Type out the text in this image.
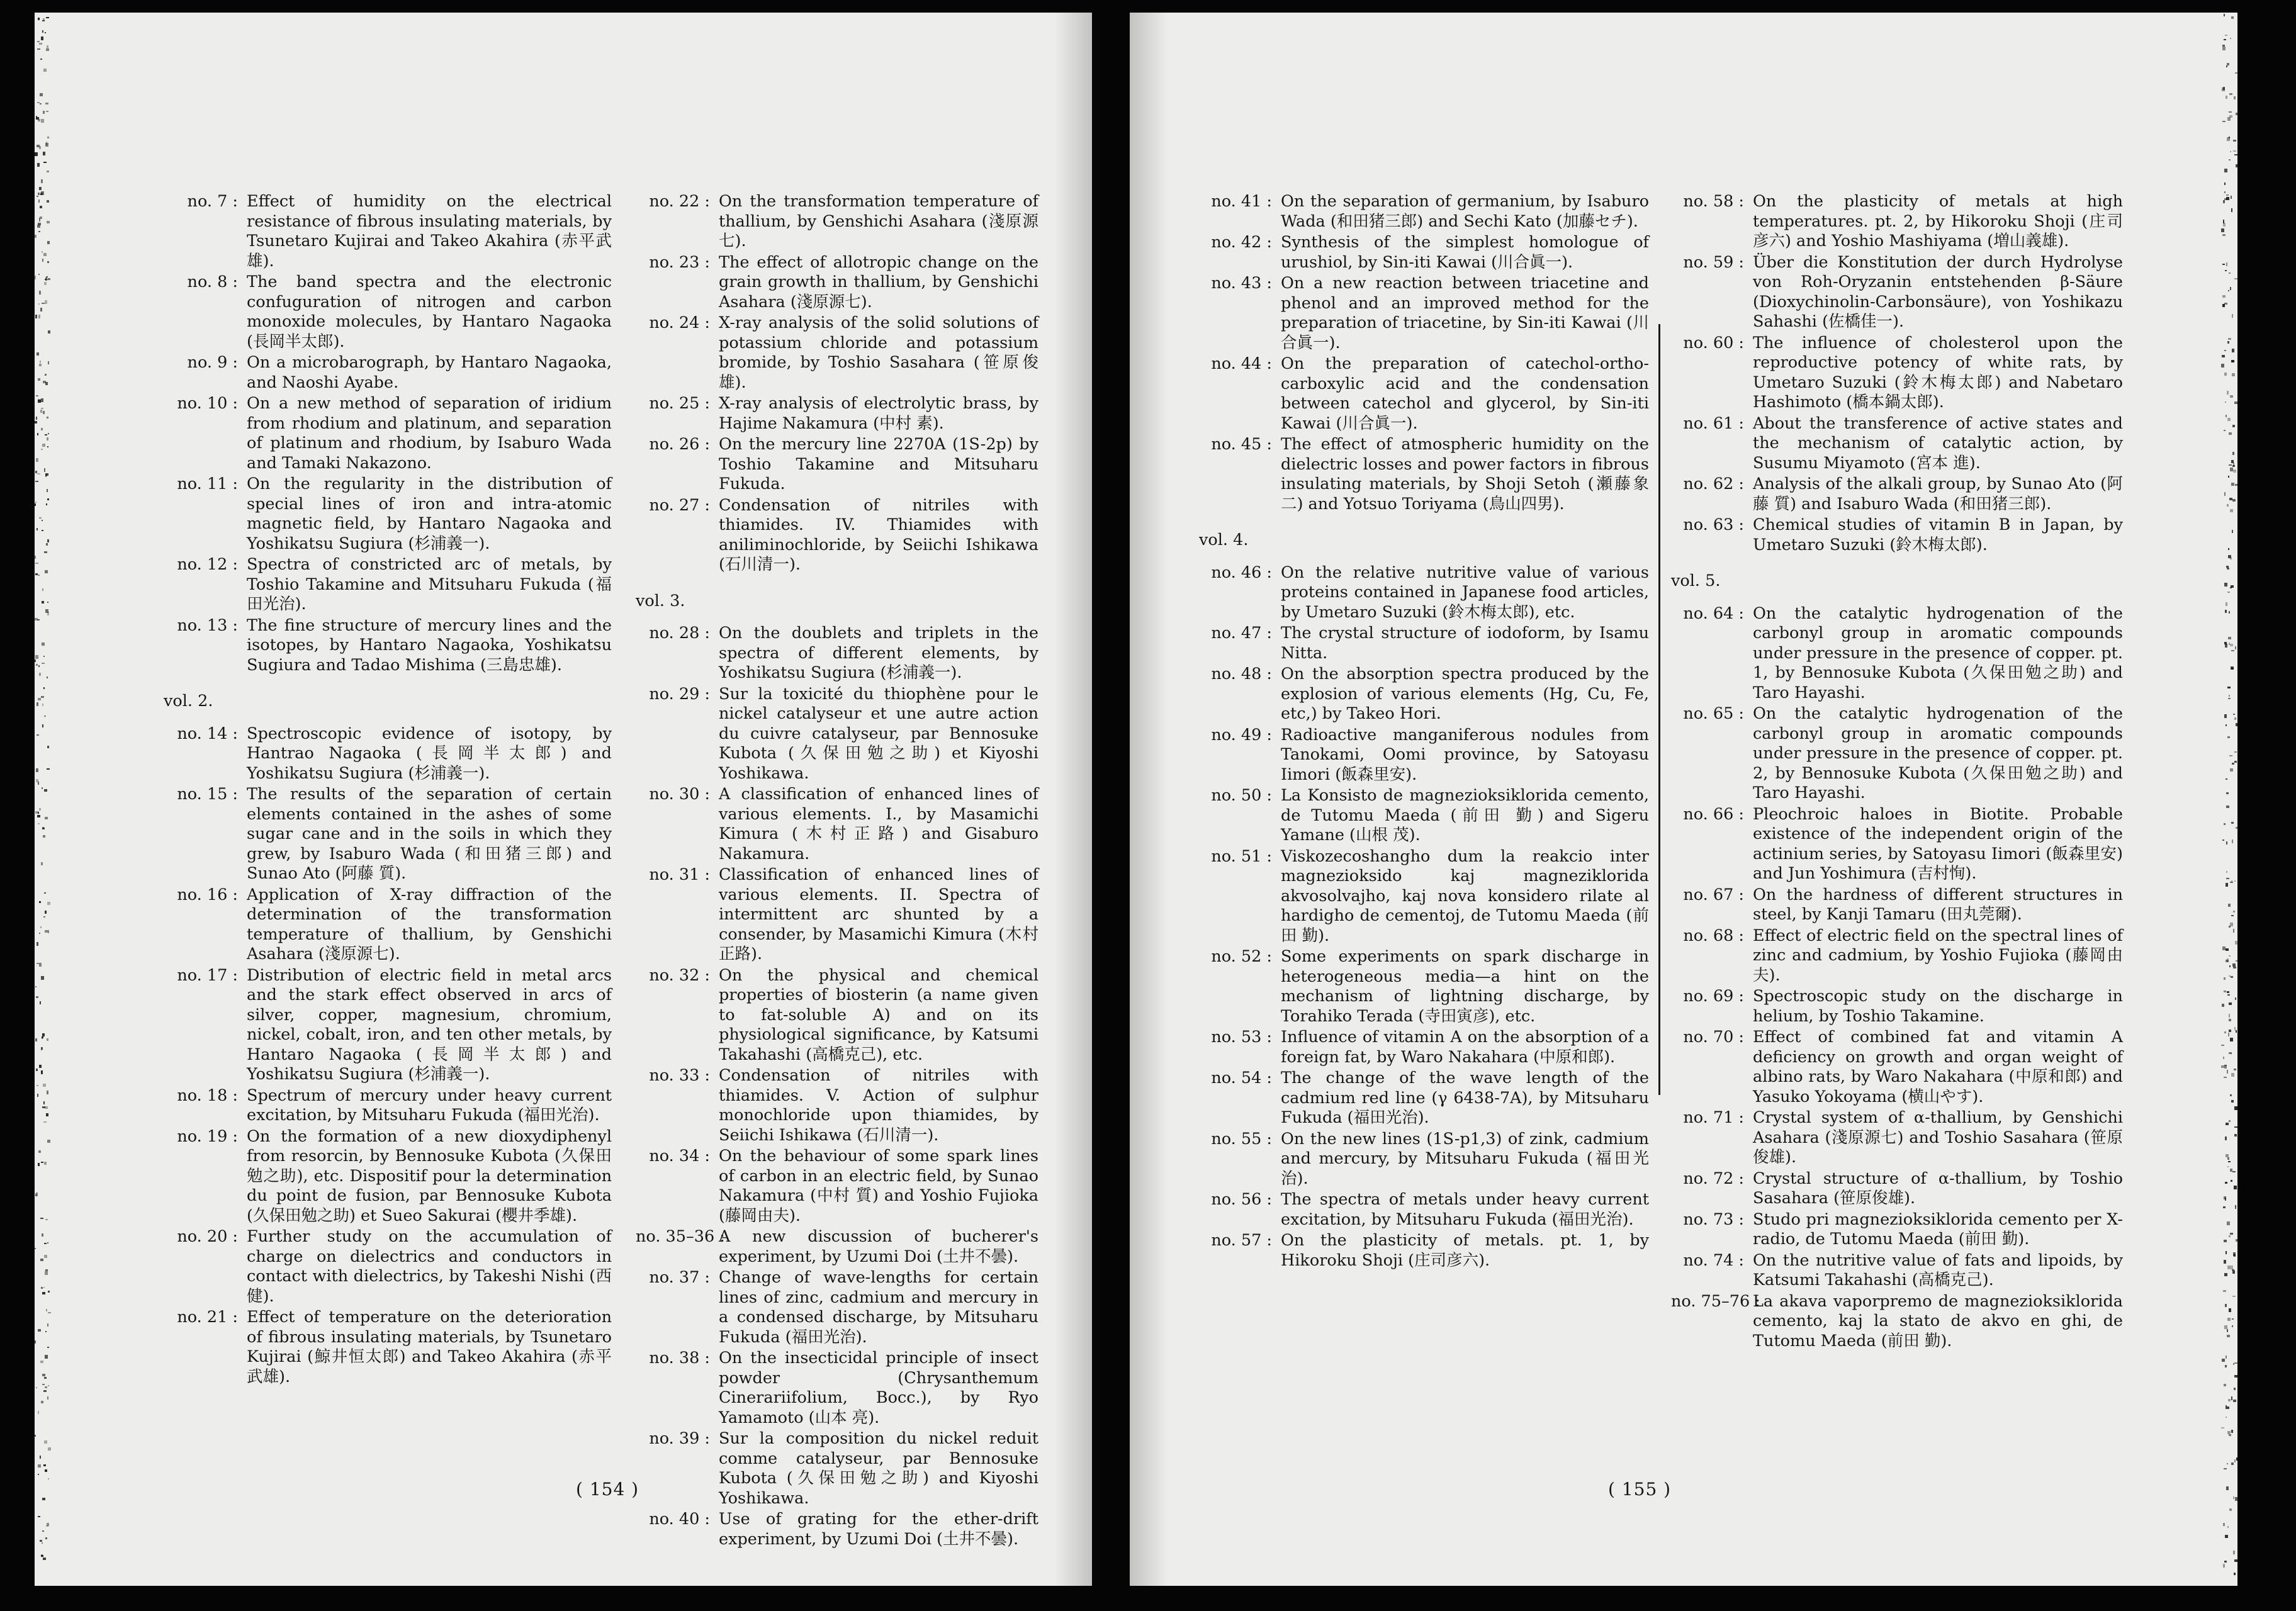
no. 7 : Effect of humidity on the electrical resistance of fibrous insulating materials, by Tsunetaro Kujirai and Takeo Akahira (赤平武雄).
no. 8 : The band spectra and the electronic confuguration of nitrogen and carbon monoxide molecules, by Hantaro Nagaoka (長岡半太郎).
no. 9 : On a microbarograph, by Hantaro Nagaoka, and Naoshi Ayabe.
no. 10 : On a new method of separation of iridium from rhodium and platinum, and separation of platinum and rhodium, by Isaburo Wada and Tamaki Nakazono.
no. 11 : On the regularity in the distribution of special lines of iron and intra-atomic magnetic field, by Hantaro Nagaoka and Yoshikatsu Sugiura (杉浦義一).
no. 12 : Spectra of constricted arc of metals, by Toshio Takamine and Mitsuharu Fukuda (福田光治).
no. 13 : The fine structure of mercury lines and the isotopes, by Hantaro Nagaoka, Yoshikatsu Sugiura and Tadao Mishima (三島忠雄).
vol. 2.
no. 14 : Spectroscopic evidence of isotopy, by Hantrao Nagaoka (長岡半太郎) and Yoshikatsu Sugiura (杉浦義一).
no. 15 : The results of the separation of certain elements contained in the ashes of some sugar cane and in the soils in which they grew, by Isaburo Wada (和田猪三郎) and Sunao Ato (阿藤 質).
no. 16 : Application of X-ray diffraction of the determination of the transformation temperature of thallium, by Genshichi Asahara (淺原源七).
no. 17 : Distribution of electric field in metal arcs and the stark effect observed in arcs of silver, copper, magnesium, chromium, nickel, cobalt, iron, and ten other metals, by Hantaro Nagaoka (長岡半太郎) and Yoshikatsu Sugiura (杉浦義一).
no. 18 : Spectrum of mercury under heavy current excitation, by Mitsuharu Fukuda (福田光治).
no. 19 : On the formation of a new dioxydiphenyl from resorcin, by Bennosuke Kubota (久保田勉之助), etc. Dispositif pour la determination du point de fusion, par Bennosuke Kubota (久保田勉之助) et Sueo Sakurai (櫻井季雄).
no. 20 : Further study on the accumulation of charge on dielectrics and conductors in contact with dielectrics, by Takeshi Nishi (西 健).
no. 21 : Effect of temperature on the deterioration of fibrous insulating materials, by Tsunetaro Kujirai (鯨井恒太郎) and Takeo Akahira (赤平武雄).
no. 22 : On the transformation temperature of thallium, by Genshichi Asahara (淺原源七).
no. 23 : The effect of allotropic change on the grain growth in thallium, by Genshichi Asahara (淺原源七).
no. 24 : X-ray analysis of the solid solutions of potassium chloride and potassium bromide, by Toshio Sasahara (笹原俊雄).
no. 25 : X-ray analysis of electrolytic brass, by Hajime Nakamura (中村 素).
no. 26 : On the mercury line 2270A (1S-2p) by Toshio Takamine and Mitsuharu Fukuda.
no. 27 : Condensation of nitriles with thiamides. IV. Thiamides with aniliminochloride, by Seiichi Ishikawa (石川清一).
vol. 3.
no. 28 : On the doublets and triplets in the spectra of different elements, by Yoshikatsu Sugiura (杉浦義一).
no. 29 : Sur la toxicité du thiophène pour le nickel catalyseur et une autre action du cuivre catalyseur, par Bennosuke Kubota (久保田勉之助) et Kiyoshi Yoshikawa.
no. 30 : A classification of enhanced lines of various elements. I., by Masamichi Kimura (木村正路) and Gisaburo Nakamura.
no. 31 : Classification of enhanced lines of various elements. II. Spectra of intermittent arc shunted by a consender, by Masamichi Kimura (木村正路).
no. 32 : On the physical and chemical properties of biosterin (a name given to fat-soluble A) and on its physiological significance, by Katsumi Takahashi (高橋克己), etc.
no. 33 : Condensation of nitriles with thiamides. V. Action of sulphur monochloride upon thiamides, by Seiichi Ishikawa (石川清一).
no. 34 : On the behaviour of some spark lines of carbon in an electric field, by Sunao Nakamura (中村 質) and Yoshio Fujioka (藤岡由夫).
no. 35–36 :
A new discussion of bucherer's experiment, by Uzumi Doi (土井不曇).
no. 37 : Change of wave-lengths for certain lines of zinc, cadmium and mercury in a condensed discharge, by Mitsuharu Fukuda (福田光治).
no. 38 : On the insecticidal principle of insect powder (Chrysanthemum Cinerariifolium, Bocc.), by Ryo Yamamoto (山本 亮).
no. 39 : Sur la composition du nickel reduit comme catalyseur, par Bennosuke Kubota (久保田勉之助) and Kiyoshi Yoshikawa.
no. 40 : Use of grating for the ether-drift experiment, by Uzumi Doi (土井不曇).
( 154 )
no. 41 : On the separation of germanium, by Isaburo Wada (和田猪三郎) and Sechi Kato (加藤セチ).
no. 42 : Synthesis of the simplest homologue of urushiol, by Sin-iti Kawai (川合眞一).
no. 43 : On a new reaction between triacetine and phenol and an improved method for the preparation of triacetine, by Sin-iti Kawai (川合眞一).
no. 44 : On the preparation of catechol-ortho-carboxylic acid and the condensation between catechol and glycerol, by Sin-iti Kawai (川合眞一).
no. 45 : The effect of atmospheric humidity on the dielectric losses and power factors in fibrous insulating materials, by Shoji Setoh (瀬藤象二) and Yotsuo Toriyama (鳥山四男).
vol. 4.
no. 46 : On the relative nutritive value of various proteins contained in Japanese food articles, by Umetaro Suzuki (鈴木梅太郎), etc.
no. 47 : The crystal structure of iodoform, by Isamu Nitta.
no. 48 : On the absorption spectra produced by the explosion of various elements (Hg, Cu, Fe, etc,) by Takeo Hori.
no. 49 : Radioactive manganiferous nodules from Tanokami, Oomi province, by Satoyasu Iimori (飯森里安).
no. 50 : La Konsisto de magnezioksiklorida cemento, de Tutomu Maeda (前田 勤) and Sigeru Yamane (山根 茂).
no. 51 : Viskozecoshangho dum la reakcio inter magnezioksido kaj magneziklorida akvosolvajho, kaj nova konsidero rilate al hardigho de cementoj, de Tutomu Maeda (前田 勤).
no. 52 : Some experiments on spark discharge in heterogeneous media—a hint on the mechanism of lightning discharge, by Torahiko Terada (寺田寅彦), etc.
no. 53 : Influence of vitamin A on the absorption of a foreign fat, by Waro Nakahara (中原和郎).
no. 54 : The change of the wave length of the cadmium red line (γ 6438-7A), by Mitsuharu Fukuda (福田光治).
no. 55 : On the new lines (1S-p1,3) of zink, cadmium and mercury, by Mitsuharu Fukuda (福田光治).
no. 56 : The spectra of metals under heavy current excitation, by Mitsuharu Fukuda (福田光治).
no. 57 : On the plasticity of metals. pt. 1, by Hikoroku Shoji (庄司彦六).
no. 58 : On the plasticity of metals at high temperatures. pt. 2, by Hikoroku Shoji (庄司彦六) and Yoshio Mashiyama (増山義雄).
no. 59 : Über die Konstitution der durch Hydrolyse von Roh-Oryzanin entstehenden β-Säure (Dioxychinolin-Carbonsäure), von Yoshikazu Sahashi (佐橋佳一).
no. 60 : The influence of cholesterol upon the reproductive potency of white rats, by Umetaro Suzuki (鈴木梅太郎) and Nabetaro Hashimoto (橋本鍋太郎).
no. 61 : About the transference of active states and the mechanism of catalytic action, by Susumu Miyamoto (宮本 進).
no. 62 : Analysis of the alkali group, by Sunao Ato (阿藤 質) and Isaburo Wada (和田猪三郎).
no. 63 : Chemical studies of vitamin B in Japan, by Umetaro Suzuki (鈴木梅太郎).
vol. 5.
no. 64 : On the catalytic hydrogenation of the carbonyl group in aromatic compounds under pressure in the presence of copper. pt. 1, by Bennosuke Kubota (久保田勉之助) and Taro Hayashi.
no. 65 : On the catalytic hydrogenation of the carbonyl group in aromatic compounds under pressure in the presence of copper. pt. 2, by Bennosuke Kubota (久保田勉之助) and Taro Hayashi.
no. 66 : Pleochroic haloes in Biotite. Probable existence of the independent origin of the actinium series, by Satoyasu Iimori (飯森里安) and Jun Yoshimura (吉村恂).
no. 67 : On the hardness of different structures in steel, by Kanji Tamaru (田丸莞爾).
no. 68 : Effect of electric field on the spectral lines of zinc and cadmium, by Yoshio Fujioka (藤岡由夫).
no. 69 : Spectroscopic study on the discharge in helium, by Toshio Takamine.
no. 70 : Effect of combined fat and vitamin A deficiency on growth and organ weight of albino rats, by Waro Nakahara (中原和郎) and Yasuko Yokoyama (横山やす).
no. 71 : Crystal system of α-thallium, by Genshichi Asahara (淺原源七) and Toshio Sasahara (笹原俊雄).
no. 72 : Crystal structure of α-thallium, by Toshio Sasahara (笹原俊雄).
no. 73 : Studo pri magnezioksiklorida cemento per X-radio, de Tutomu Maeda (前田 勤).
no. 74 : On the nutritive value of fats and lipoids, by Katsumi Takahashi (高橋克己).
no. 75–76 :
La akava vaporpremo de magnezioksiklorida cemento, kaj la stato de akvo en ghi, de Tutomu Maeda (前田 勤).
( 155 )
